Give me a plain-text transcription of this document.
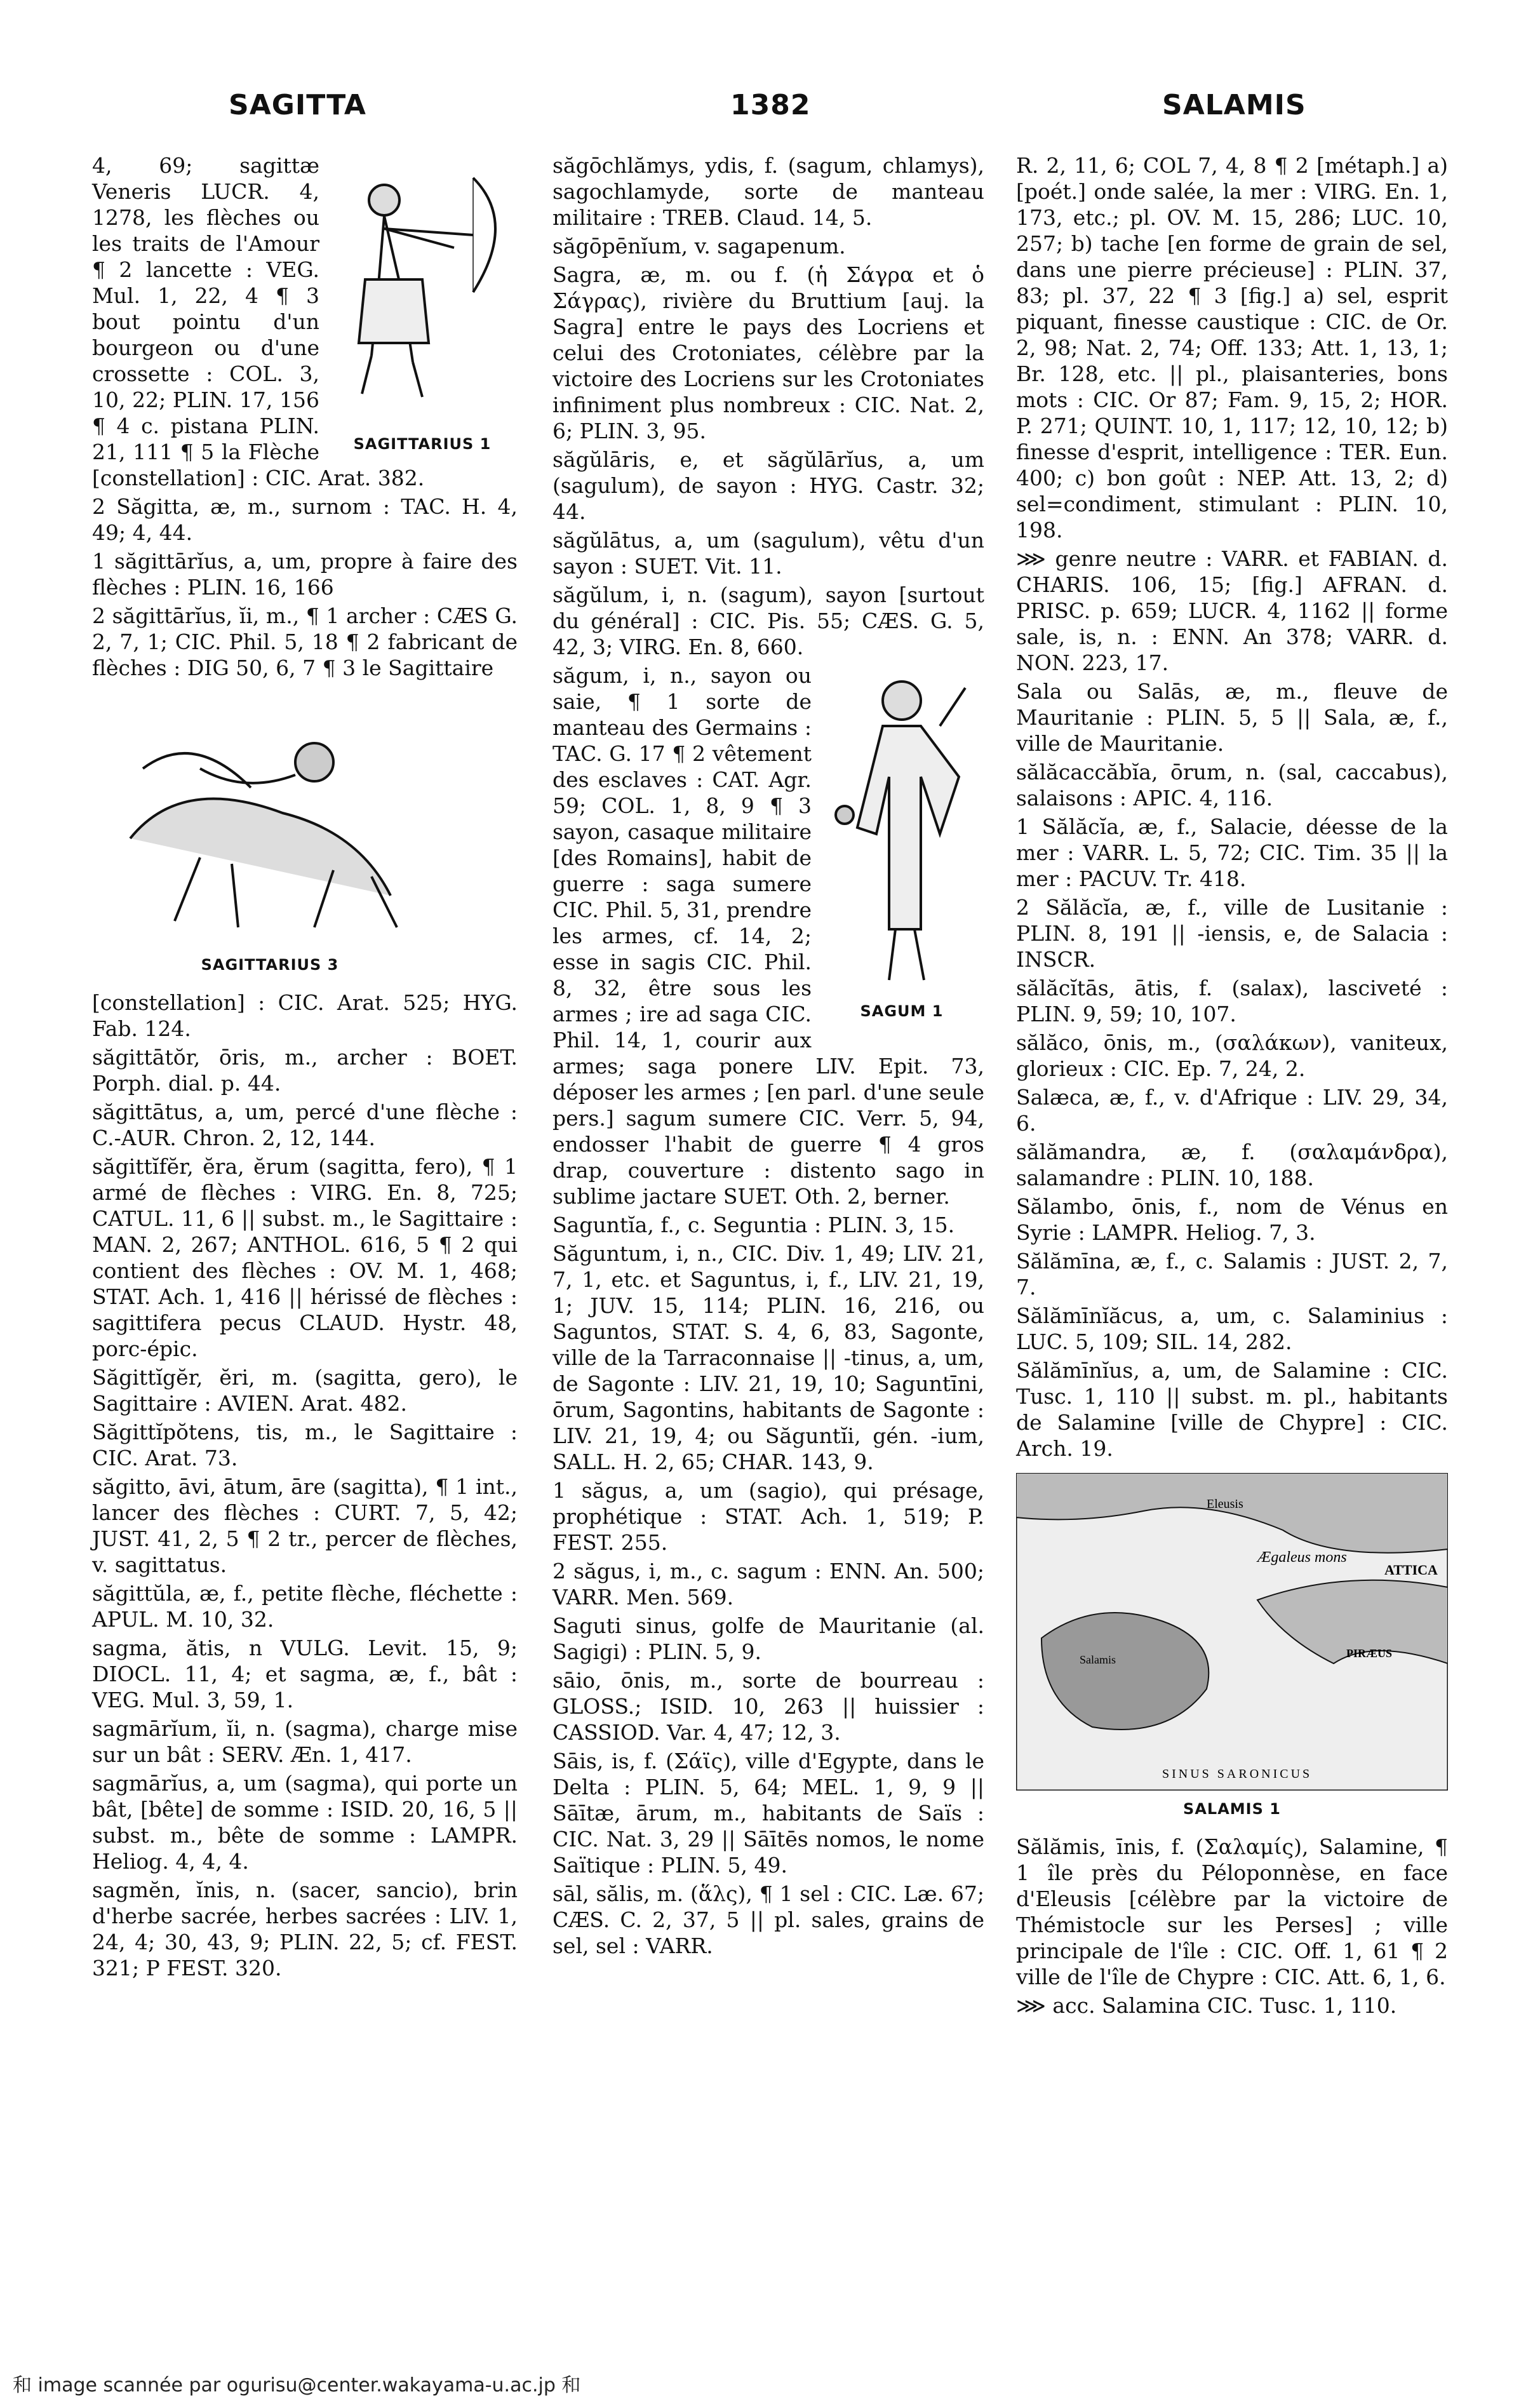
SAGITTA	1382	SALAMIS
SAGITTARIUS 1

4, 69; sagittæ Veneris LUCR. 4, 1278, les flèches ou les traits de l'Amour ¶ 2 lancette : VEG. Mul. 1, 22, 4 ¶ 3 bout pointu d'un bourgeon ou d'une crossette : COL. 3, 10, 22; PLIN. 17, 156 ¶ 4 c. pistana PLIN. 21, 111 ¶ 5 la Flèche [constellation] : CIC. Arat. 382.

2 Săgitta, æ, m., surnom : TAC. H. 4, 49; 4, 44.

1 săgittārĭus, a, um, propre à faire des flèches : PLIN. 16, 166

2 săgittārĭus, ĭi, m., ¶ 1 archer : CÆS G. 2, 7, 1; CIC. Phil. 5, 18 ¶ 2 fabricant de flèches : DIG 50, 6, 7 ¶ 3 le Sagittaire

SAGITTARIUS 3

[constellation] : CIC. Arat. 525; HYG. Fab. 124.

săgittātŏr, ōris, m., archer : BOET. Porph. dial. p. 44.

săgittātus, a, um, percé d'une flèche : C.-AUR. Chron. 2, 12, 144.

săgittĭfĕr, ĕra, ĕrum (sagitta, fero), ¶ 1 armé de flèches : VIRG. En. 8, 725; CATUL. 11, 6 || subst. m., le Sagittaire : MAN. 2, 267; ANTHOL. 616, 5 ¶ 2 qui contient des flèches : OV. M. 1, 468; STAT. Ach. 1, 416 || hérissé de flèches : sagittifera pecus CLAUD. Hystr. 48, porc-épic.

Săgittĭgĕr, ĕri, m. (sagitta, gero), le Sagittaire : AVIEN. Arat. 482.

Săgittĭpŏtens, tis, m., le Sagittaire : CIC. Arat. 73.

săgitto, āvi, ātum, āre (sagitta), ¶ 1 int., lancer des flèches : CURT. 7, 5, 42; JUST. 41, 2, 5 ¶ 2 tr., percer de flèches, v. sagittatus.

săgittŭla, æ, f., petite flèche, fléchette : APUL. M. 10, 32.

sagma, ătis, n VULG. Levit. 15, 9; DIOCL. 11, 4; et sagma, æ, f., bât : VEG. Mul. 3, 59, 1.

sagmārĭum, ĭi, n. (sagma), charge mise sur un bât : SERV. Æn. 1, 417.

sagmārĭus, a, um (sagma), qui porte un bât, [bête] de somme : ISID. 20, 16, 5 || subst. m., bête de somme : LAMPR. Heliog. 4, 4, 4.

sagmĕn, ĭnis, n. (sacer, sancio), brin d'herbe sacrée, herbes sacrées : LIV. 1, 24, 4; 30, 43, 9; PLIN. 22, 5; cf. FEST. 321; P FEST. 320.

săgōchlămys, ydis, f. (sagum, chlamys), sagochlamyde, sorte de manteau militaire : TREB. Claud. 14, 5.

săgōpēnĭum, v. sagapenum.

Sagra, æ, m. ou f. (ἡ Σάγρα et ὁ Σάγρας), rivière du Bruttium [auj. la Sagra] entre le pays des Locriens et celui des Crotoniates, célèbre par la victoire des Locriens sur les Crotoniates infiniment plus nombreux : CIC. Nat. 2, 6; PLIN. 3, 95.

săgŭlāris, e, et săgŭlārĭus, a, um (sagulum), de sayon : HYG. Castr. 32; 44.

săgŭlātus, a, um (sagulum), vêtu d'un sayon : SUET. Vit. 11.

săgŭlum, i, n. (sagum), sayon [surtout du général] : CIC. Pis. 55; CÆS. G. 5, 42, 3; VIRG. En. 8, 660.

SAGUM 1

săgum, i, n., sayon ou saie, ¶ 1 sorte de manteau des Germains : TAC. G. 17 ¶ 2 vêtement des esclaves : CAT. Agr. 59; COL. 1, 8, 9 ¶ 3 sayon, casaque militaire [des Romains], habit de guerre : saga sumere CIC. Phil. 5, 31, prendre les armes, cf. 14, 2; esse in sagis CIC. Phil. 8, 32, être sous les armes ; ire ad saga CIC. Phil. 14, 1, courir aux armes; saga ponere LIV. Epit. 73, déposer les armes ; [en parl. d'une seule pers.] sagum sumere CIC. Verr. 5, 94, endosser l'habit de guerre ¶ 4 gros drap, couverture : distento sago in sublime jactare SUET. Oth. 2, berner.

Saguntĭa, f., c. Seguntia : PLIN. 3, 15.

Săguntum, i, n., CIC. Div. 1, 49; LIV. 21, 7, 1, etc. et Saguntus, i, f., LIV. 21, 19, 1; JUV. 15, 114; PLIN. 16, 216, ou Saguntos, STAT. S. 4, 6, 83, Sagonte, ville de la Tarraconnaise || -tinus, a, um, de Sagonte : LIV. 21, 19, 10; Saguntīni, ōrum, Sagontins, habitants de Sagonte : LIV. 21, 19, 4; ou Săguntĭi, gén. -ium, SALL. H. 2, 65; CHAR. 143, 9.

1 săgus, a, um (sagio), qui présage, prophétique : STAT. Ach. 1, 519; P. FEST. 255.

2 săgus, i, m., c. sagum : ENN. An. 500; VARR. Men. 569.

Saguti sinus, golfe de Mauritanie (al. Sagigi) : PLIN. 5, 9.

sāio, ōnis, m., sorte de bourreau : GLOSS.; ISID. 10, 263 || huissier : CASSIOD. Var. 4, 47; 12, 3.

Sāis, is, f. (Σάϊς), ville d'Egypte, dans le Delta : PLIN. 5, 64; MEL. 1, 9, 9 || Sāītæ, ārum, m., habitants de Saïs : CIC. Nat. 3, 29 || Sāītēs nomos, le nome Saïtique : PLIN. 5, 49.

sāl, sălis, m. (ἅλς), ¶ 1 sel : CIC. Læ. 67; CÆS. C. 2, 37, 5 || pl. sales, grains de sel, sel : VARR.

R. 2, 11, 6; COL 7, 4, 8 ¶ 2 [métaph.] a) [poét.] onde salée, la mer : VIRG. En. 1, 173, etc.; pl. OV. M. 15, 286; LUC. 10, 257; b) tache [en forme de grain de sel, dans une pierre précieuse] : PLIN. 37, 83; pl. 37, 22 ¶ 3 [fig.] a) sel, esprit piquant, finesse caustique : CIC. de Or. 2, 98; Nat. 2, 74; Off. 133; Att. 1, 13, 1; Br. 128, etc. || pl., plaisanteries, bons mots : CIC. Or 87; Fam. 9, 15, 2; HOR. P. 271; QUINT. 10, 1, 117; 12, 10, 12; b) finesse d'esprit, intelligence : TER. Eun. 400; c) bon goût : NEP. Att. 13, 2; d) sel=condiment, stimulant : PLIN. 10, 198.

⋙ genre neutre : VARR. et FABIAN. d. CHARIS. 106, 15; [fig.] AFRAN. d. PRISC. p. 659; LUCR. 4, 1162 || forme sale, is, n. : ENN. An 378; VARR. d. NON. 223, 17.

Sala ou Salās, æ, m., fleuve de Mauritanie : PLIN. 5, 5 || Sala, æ, f., ville de Mauritanie.

sălăcaccăbĭa, ōrum, n. (sal, caccabus), salaisons : APIC. 4, 116.

1 Sălăcĭa, æ, f., Salacie, déesse de la mer : VARR. L. 5, 72; CIC. Tim. 35 || la mer : PACUV. Tr. 418.

2 Sălăcĭa, æ, f., ville de Lusitanie : PLIN. 8, 191 || -iensis, e, de Salacia : INSCR.

sălăcĭtās, ātis, f. (salax), lasciveté : PLIN. 9, 59; 10, 107.

sălăco, ōnis, m., (σαλάκων), vaniteux, glorieux : CIC. Ep. 7, 24, 2.

Salæca, æ, f., v. d'Afrique : LIV. 29, 34, 6.

sălămandra, æ, f. (σαλαμάνδρα), salamandre : PLIN. 10, 188.

Sălambo, ōnis, f., nom de Vénus en Syrie : LAMPR. Heliog. 7, 3.

Sălămīna, æ, f., c. Salamis : JUST. 2, 7, 7.

Sălămīnĭăcus, a, um, c. Salaminius : LUC. 5, 109; SIL. 14, 282.

Sălămīnĭus, a, um, de Salamine : CIC. Tusc. 1, 110 || subst. m. pl., habitants de Salamine [ville de Chypre] : CIC. Arch. 19.

Eleusis
ATTICA
Ægaleus mons
PIRÆUS
Salamis
SINUS SARONICUS
SALAMIS 1

Sălămis, īnis, f. (Σαλαμίς), Salamine, ¶ 1 île près du Péloponnèse, en face d'Eleusis [célèbre par la victoire de Thémistocle sur les Perses] ; ville principale de l'île : CIC. Off. 1, 61 ¶ 2 ville de l'île de Chypre : CIC. Att. 6, 1, 6.

⋙ acc. Salamina CIC. Tusc. 1, 110.

和 image scannée par ogurisu@center.wakayama-u.ac.jp 和
